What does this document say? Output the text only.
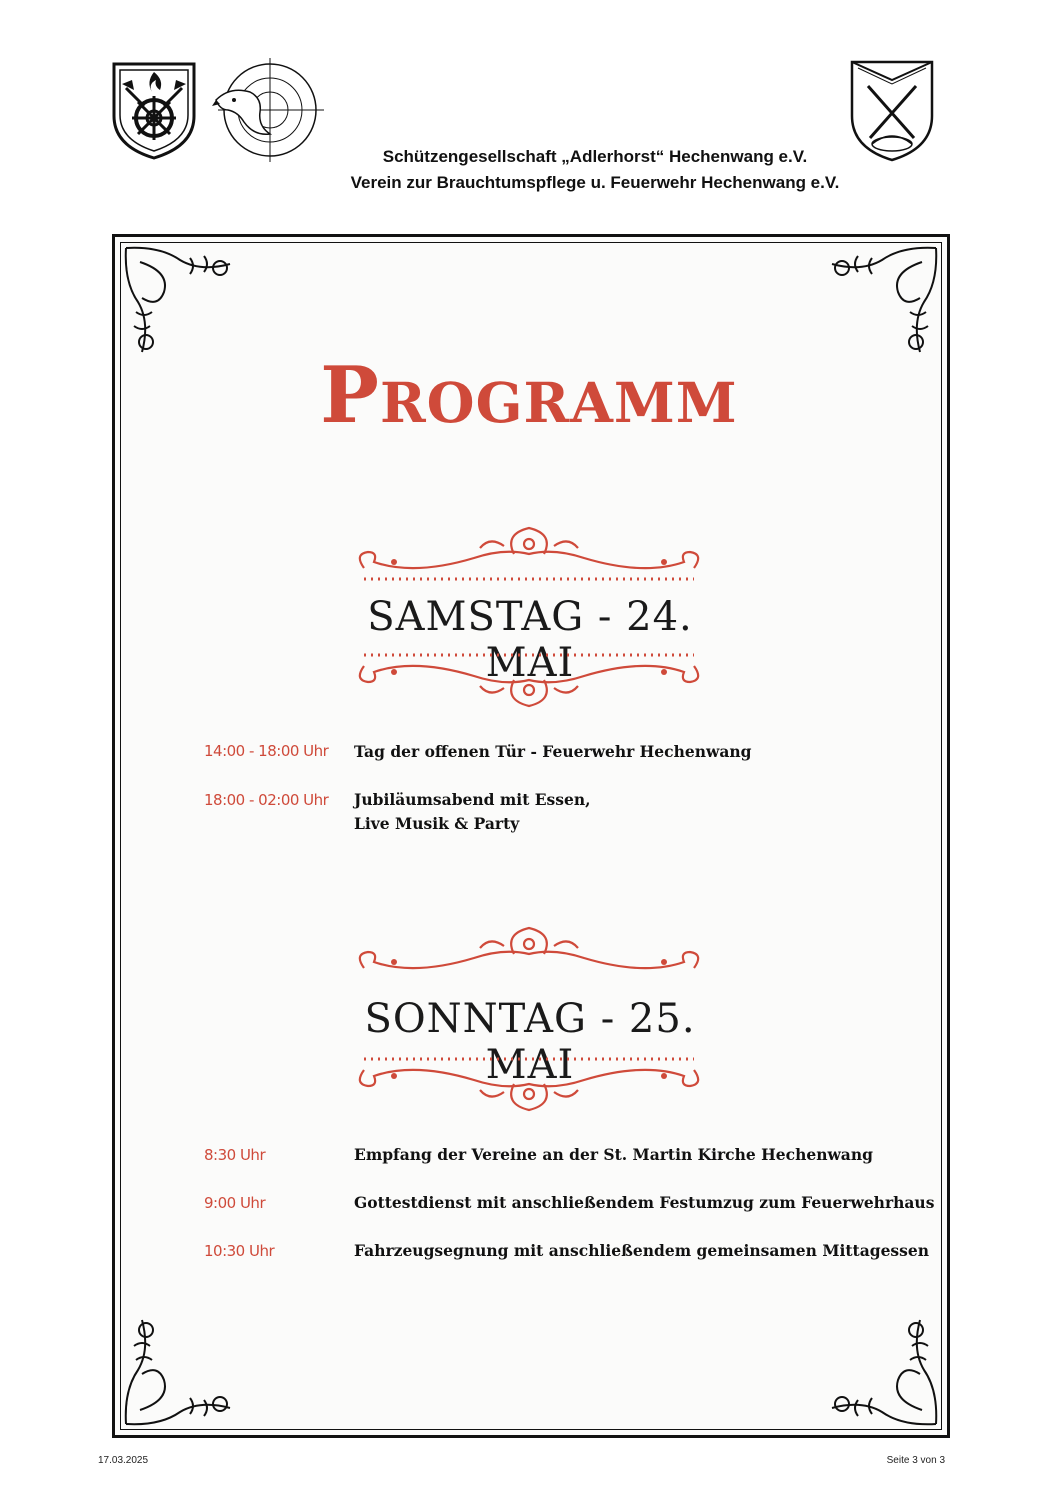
Schützengesellschaft „Adlerhorst“ Hechenwang e.V.
Verein zur Brauchtumspflege u. Feuerwehr Hechenwang e.V.
Programm
SAMSTAG - 24. MAI
14:00 - 18:00 Uhr Tag der offenen Tür - Feuerwehr Hechenwang
18:00 - 02:00 Uhr Jubiläumsabend mit Essen,
Live Musik & Party
SONNTAG - 25. MAI
8:30 Uhr	Empfang der Vereine an der St. Martin Kirche Hechenwang
9:00 Uhr	Gottestdienst mit anschließendem Festumzug zum Feuerwehrhaus
10:30 Uhr	Fahrzeugsegnung mit anschließendem gemeinsamen Mittagessen
17.03.2025	Seite 3 von 3
